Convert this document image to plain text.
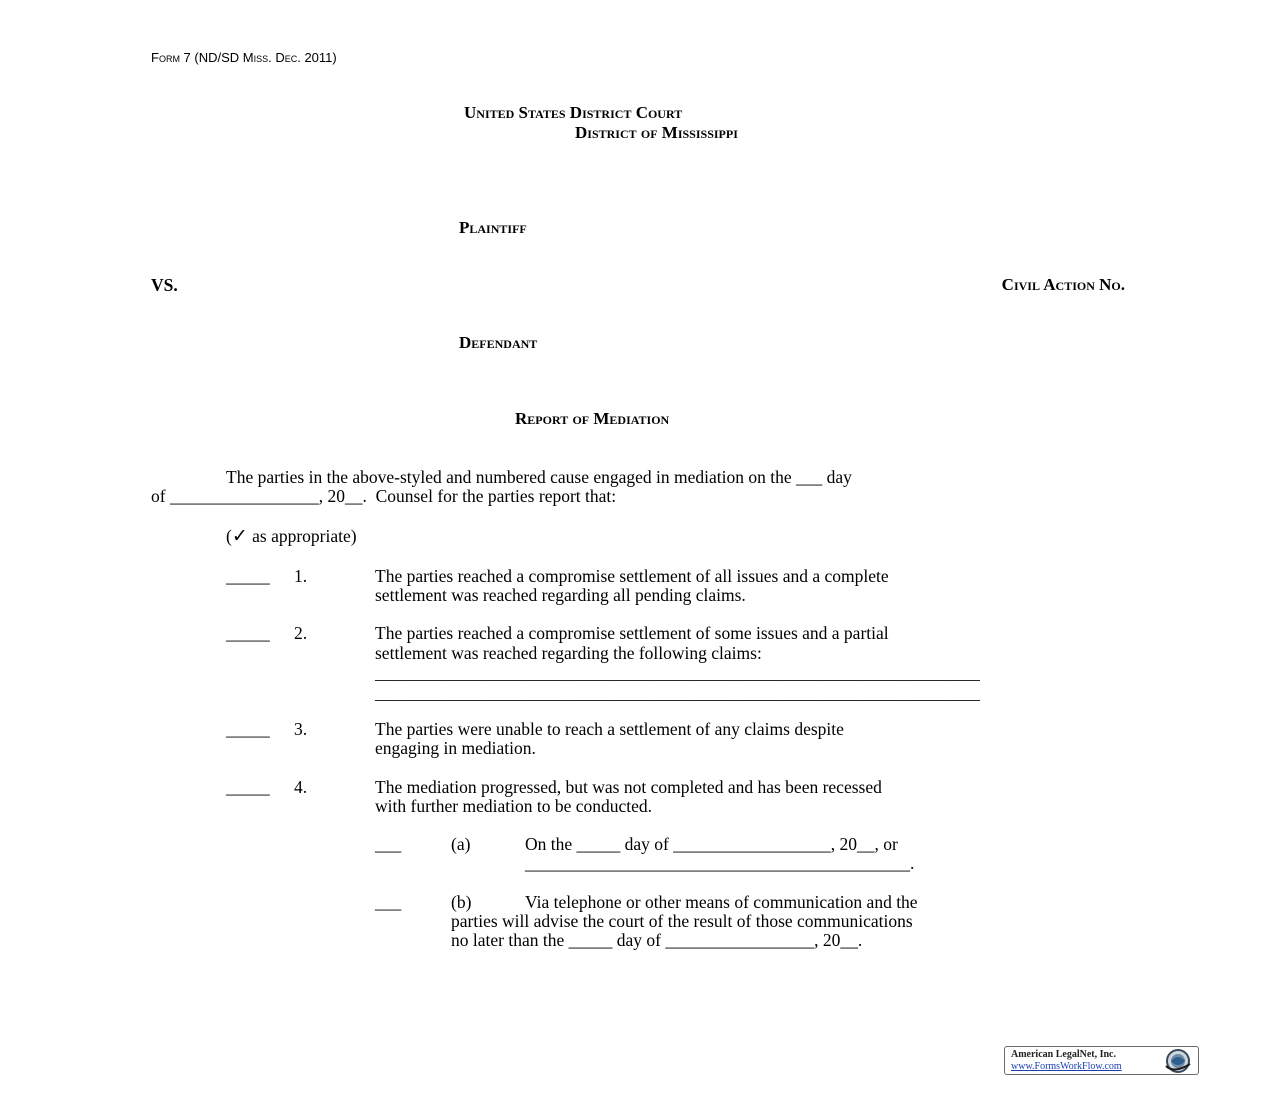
Form 7 (ND/SD Miss. Dec. 2011)
United States District Court
District of Mississippi
Plaintiff
VS.	Civil Action No.
Defendant
Report of Mediation
The parties in the above-styled and numbered cause engaged in mediation on the ___ day
of _________________, 20__.  Counsel for the parties report that:
(✓ as appropriate)
_____ 1.	The parties reached a compromise settlement of all issues and a complete
settlement was reached regarding all pending claims.
_____ 2.	The parties reached a compromise settlement of some issues and a partial
settlement was reached regarding the following claims:
________________________________________________________________________
________________________________________________________________________
_____ 3.	The parties were unable to reach a settlement of any claims despite
engaging in mediation.
_____ 4.	The mediation progressed, but was not completed and has been recessed
with further mediation to be conducted.
___	(a)	On the _____ day of __________________, 20__, or
____________________________________________.
___	(b)	Via telephone or other means of communication and the
parties will advise the court of the result of those communications
no later than the _____ day of _________________, 20__.
American LegalNet, Inc.
www.FormsWorkFlow.com
